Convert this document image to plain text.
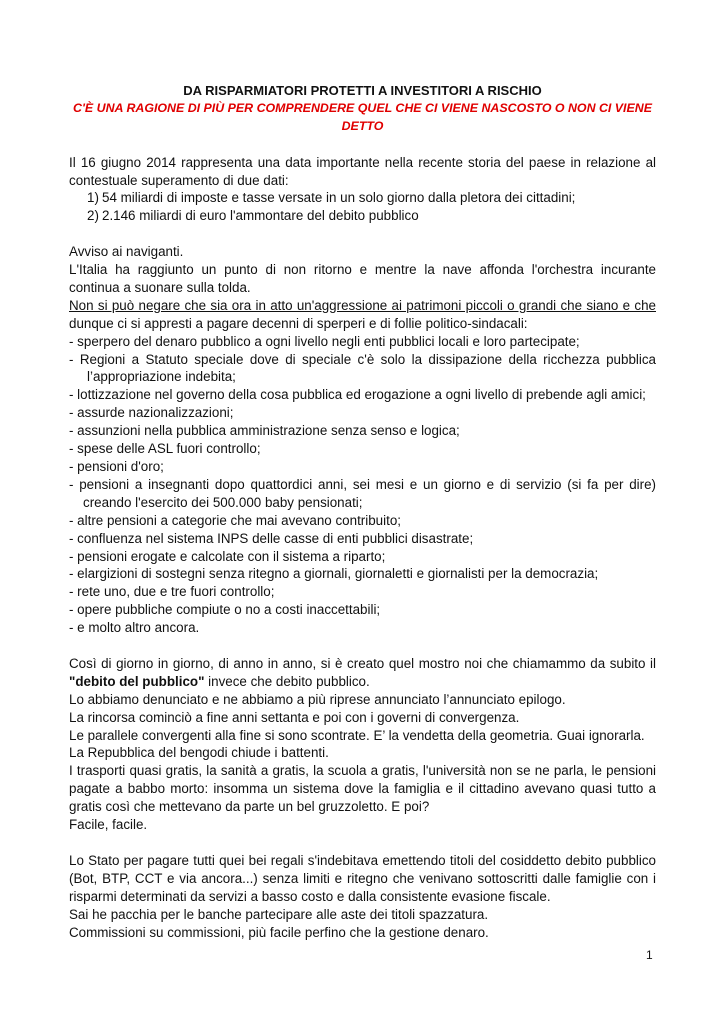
DA RISPARMIATORI PROTETTI A INVESTITORI A RISCHIO
C'È UNA RAGIONE DI PIÙ PER COMPRENDERE QUEL CHE CI VIENE NASCOSTO O NON CI VIENE DETTO

Il 16 giugno 2014 rappresenta una data importante nella recente storia del paese in relazione al

contestuale superamento di due dati:

1) 54 miliardi di imposte e tasse versate in un solo giorno dalla pletora dei cittadini;
2) 2.146 miliardi di euro l'ammontare del debito pubblico

Avviso ai naviganti.

L'Italia ha raggiunto un punto di non ritorno e mentre la nave affonda l'orchestra incurante

continua a suonare sulla tolda.

Non si può negare che sia ora in atto un'aggressione ai patrimoni piccoli o grandi che siano e che

dunque ci si appresti a pagare decenni di sperperi e di follie politico-sindacali:

- sperpero del denaro pubblico a ogni livello negli enti pubblici locali e loro partecipate;

- Regioni a Statuto speciale dove di speciale c'è solo la dissipazione della ricchezza pubblica l’appropriazione indebita;

- lottizzazione nel governo della cosa pubblica ed erogazione a ogni livello di prebende agli amici;

- assurde nazionalizzazioni;

- assunzioni nella pubblica amministrazione senza senso e logica;

- spese delle ASL fuori controllo;

- pensioni d'oro;

- pensioni a insegnanti dopo quattordici anni, sei mesi e un giorno e di servizio (si fa per dire) creando l'esercito dei 500.000 baby pensionati;

- altre pensioni a categorie che mai avevano contribuito;

- confluenza nel sistema INPS delle casse di enti pubblici disastrate;

- pensioni erogate e calcolate con il sistema a riparto;

- elargizioni di sostegni senza ritegno a giornali, giornaletti e giornalisti per la democrazia;

- rete uno, due e tre fuori controllo;

- opere pubbliche compiute o no a costi inaccettabili;

- e molto altro ancora.

Così di giorno in giorno, di anno in anno, si è creato quel mostro noi che chiamammo da subito il

"debito del pubblico" invece che debito pubblico.

Lo abbiamo denunciato e ne abbiamo a più riprese annunciato l’annunciato epilogo.

La rincorsa cominciò a fine anni settanta e poi con i governi di convergenza.

Le parallele convergenti alla fine si sono scontrate. E’ la vendetta della geometria. Guai ignorarla.

La Repubblica del bengodi chiude i battenti.

I trasporti quasi gratis, la sanità a gratis, la scuola a gratis, l'università non se ne parla, le pensioni pagate a babbo morto: insomma un sistema dove la famiglia e il cittadino avevano quasi tutto a gratis così che mettevano da parte un bel gruzzoletto. E poi?

Facile, facile.

Lo Stato per pagare tutti quei bei regali s'indebitava emettendo titoli del cosiddetto debito pubblico (Bot, BTP, CCT e via ancora...) senza limiti e ritegno che venivano sottoscritti dalle famiglie con i risparmi determinati da servizi a basso costo e dalla consistente evasione fiscale.

Sai he pacchia per le banche partecipare alle aste dei titoli spazzatura.

Commissioni su commissioni, più facile perfino che la gestione denaro.

1
